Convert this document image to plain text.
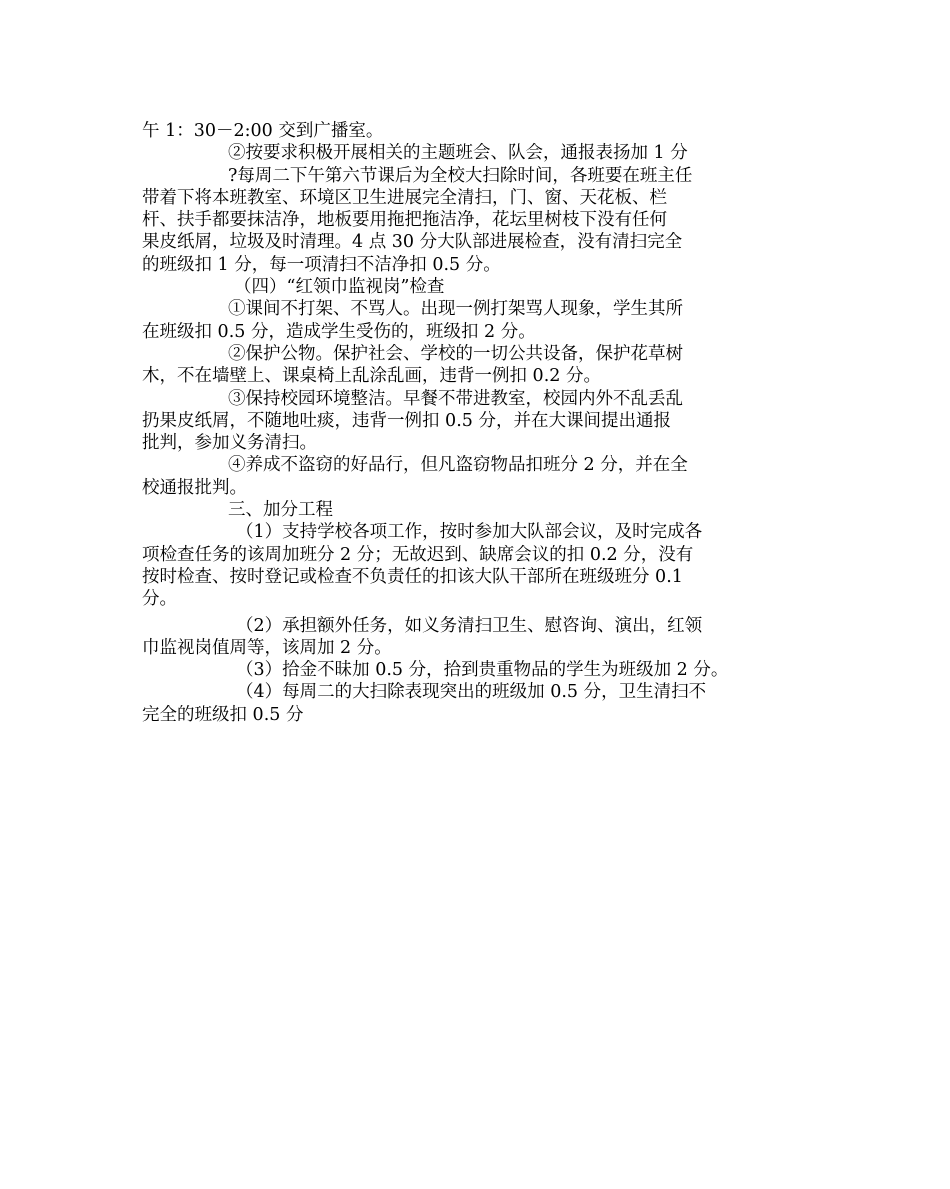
午 1：30－2:00 交到广播室。
②按要求积极开展相关的主题班会、队会，通报表扬加 1 分
?每周二下午第六节课后为全校大扫除时间，各班要在班主任
带着下将本班教室、环境区卫生进展完全清扫，门、窗、天花板、栏
杆、扶手都要抹洁净，地板要用拖把拖洁净，花坛里树枝下没有任何
果皮纸屑，垃圾及时清理。4 点 30 分大队部进展检查，没有清扫完全
的班级扣 1 分，每一项清扫不洁净扣 0.5 分。
（四）“红领巾监视岗”检查
①课间不打架、不骂人。出现一例打架骂人现象，学生其所
在班级扣 0.5 分，造成学生受伤的，班级扣 2 分。
②保护公物。保护社会、学校的一切公共设备，保护花草树
木，不在墙壁上、课桌椅上乱涂乱画，违背一例扣 0.2 分。
③保持校园环境整洁。早餐不带进教室，校园内外不乱丢乱
扔果皮纸屑，不随地吐痰，违背一例扣 0.5 分，并在大课间提出通报
批判，参加义务清扫。
④养成不盗窃的好品行，但凡盗窃物品扣班分 2 分，并在全
校通报批判。
三、加分工程
（1）支持学校各项工作，按时参加大队部会议，及时完成各
项检查任务的该周加班分 2 分；无故迟到、缺席会议的扣 0.2 分，没有
按时检查、按时登记或检查不负责任的扣该大队干部所在班级班分 0.1
分。
（2）承担额外任务，如义务清扫卫生、慰咨询、演出，红领
巾监视岗值周等，该周加 2 分。
（3）拾金不昧加 0.5 分，拾到贵重物品的学生为班级加 2 分。
（4）每周二的大扫除表现突出的班级加 0.5 分，卫生清扫不
完全的班级扣 0.5 分
